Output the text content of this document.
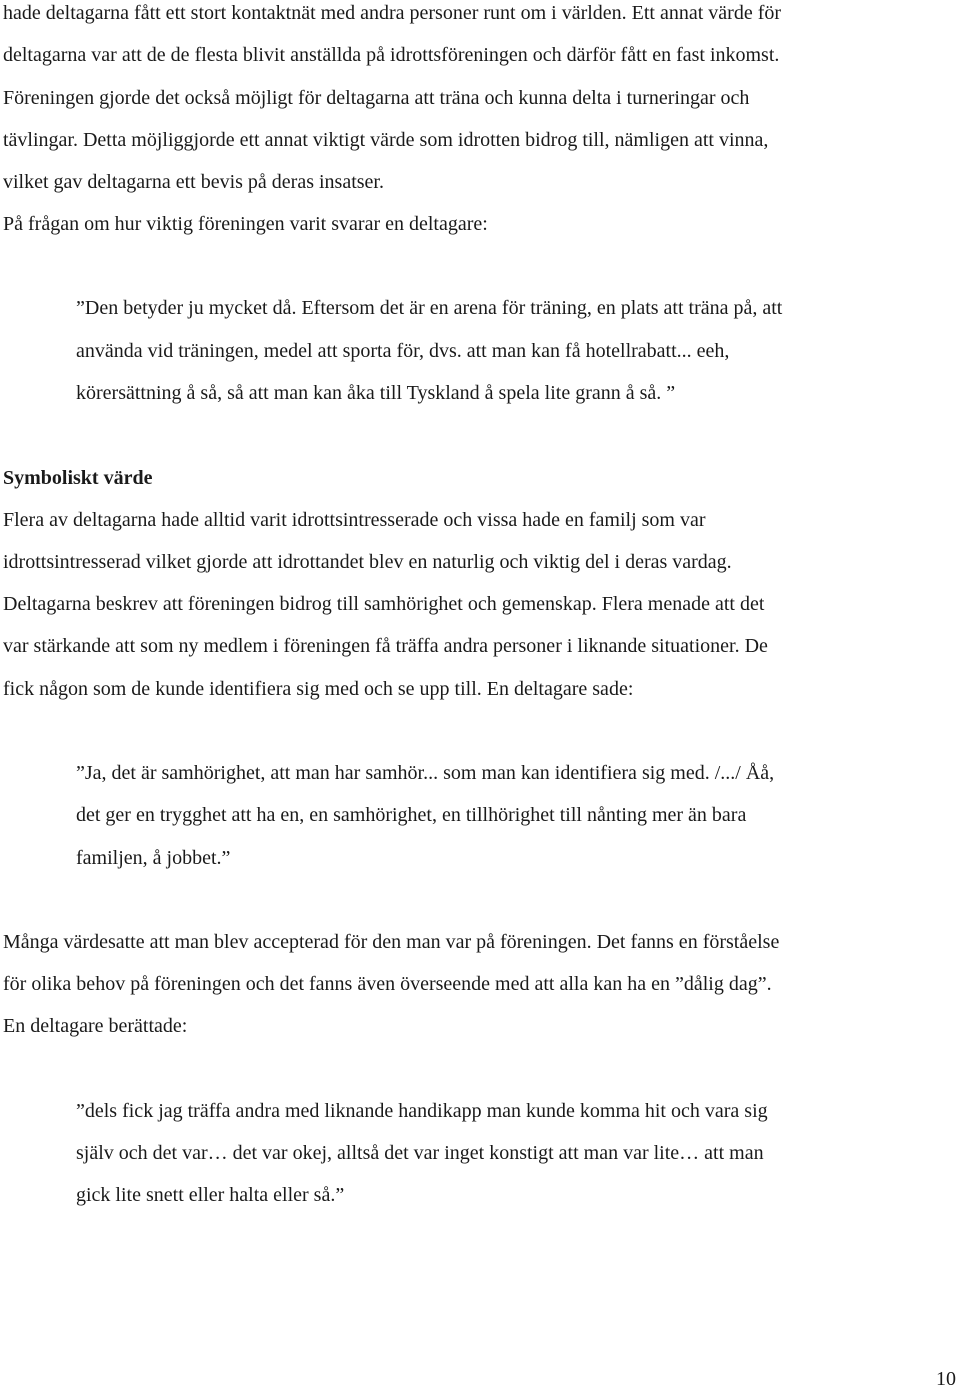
hade deltagarna fått ett stort kontaktnät med andra personer runt om i världen. Ett annat värde för
deltagarna var att de de flesta blivit anställda på idrottsföreningen och därför fått en fast inkomst.
Föreningen gjorde det också möjligt för deltagarna att träna och kunna delta i turneringar och
tävlingar. Detta möjliggjorde ett annat viktigt värde som idrotten bidrog till, nämligen att vinna,
vilket gav deltagarna ett bevis på deras insatser.
På frågan om hur viktig föreningen varit svarar en deltagare:
”Den betyder ju mycket då. Eftersom det är en arena för träning, en plats att träna på, att
använda vid träningen, medel att sporta för, dvs. att man kan få hotellrabatt... eeh,
körersättning å så, så att man kan åka till Tyskland å spela lite grann å så. ”
Symboliskt värde
Flera av deltagarna hade alltid varit idrottsintresserade och vissa hade en familj som var
idrottsintresserad vilket gjorde att idrottandet blev en naturlig och viktig del i deras vardag.
Deltagarna beskrev att föreningen bidrog till samhörighet och gemenskap. Flera menade att det
var stärkande att som ny medlem i föreningen få träffa andra personer i liknande situationer. De
fick någon som de kunde identifiera sig med och se upp till. En deltagare sade:
”Ja, det är samhörighet, att man har samhör... som man kan identifiera sig med. /.../ Åå,
det ger en trygghet att ha en, en samhörighet, en tillhörighet till nånting mer än bara
familjen, å jobbet.”
Många värdesatte att man blev accepterad för den man var på föreningen. Det fanns en förståelse
för olika behov på föreningen och det fanns även överseende med att alla kan ha en ”dålig dag”.
En deltagare berättade:
”dels fick jag träffa andra med liknande handikapp man kunde komma hit och vara sig
själv och det var… det var okej, alltså det var inget konstigt att man var lite… att man
gick lite snett eller halta eller så.”
10
